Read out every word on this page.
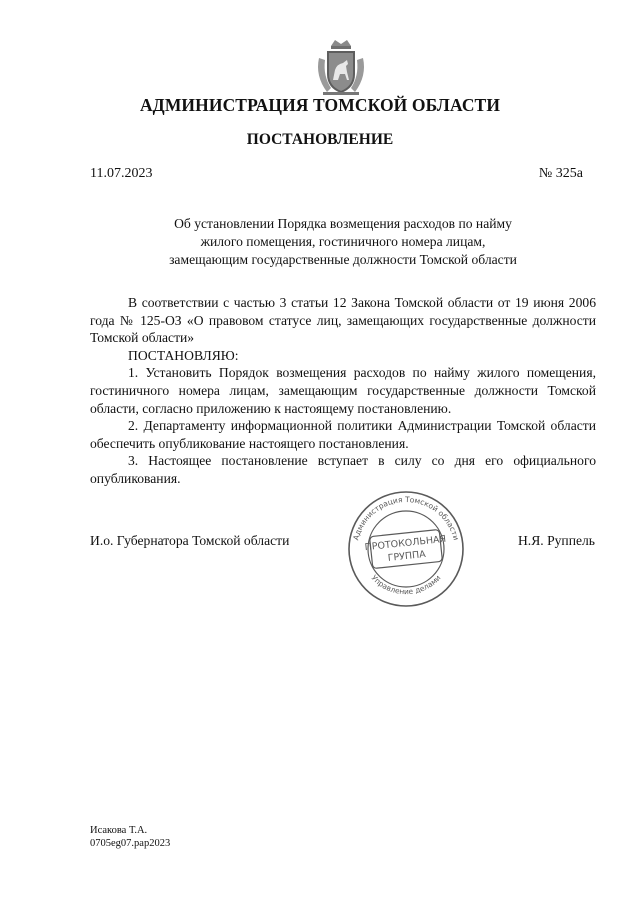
АДМИНИСТРАЦИЯ ТОМСКОЙ ОБЛАСТИ
ПОСТАНОВЛЕНИЕ
11.07.2023	№ 325а
Об установлении Порядка возмещения расходов по найму
жилого помещения, гостиничного номера лицам,
замещающим государственные должности Томской области

В соответствии с частью 3 статьи 12 Закона Томской области от 19 июня 2006 года № 125-ОЗ «О правовом статусе лиц, замещающих государственные должности Томской области»

ПОСТАНОВЛЯЮ:

1. Установить Порядок возмещения расходов по найму жилого помещения, гостиничного номера лицам, замещающим государственные должности Томской области, согласно приложению к настоящему постановлению.

2. Департаменту информационной политики Администрации Томской области обеспечить опубликование настоящего постановления.

3. Настоящее постановление вступает в силу со дня его официального опубликования.

И.о. Губернатора Томской области	Н.Я. Руппель
Администрация Томской области
Управление делами
ПРОТОКОЛЬНАЯ
ГРУППА
Исакова Т.А.
0705eg07.pap2023
